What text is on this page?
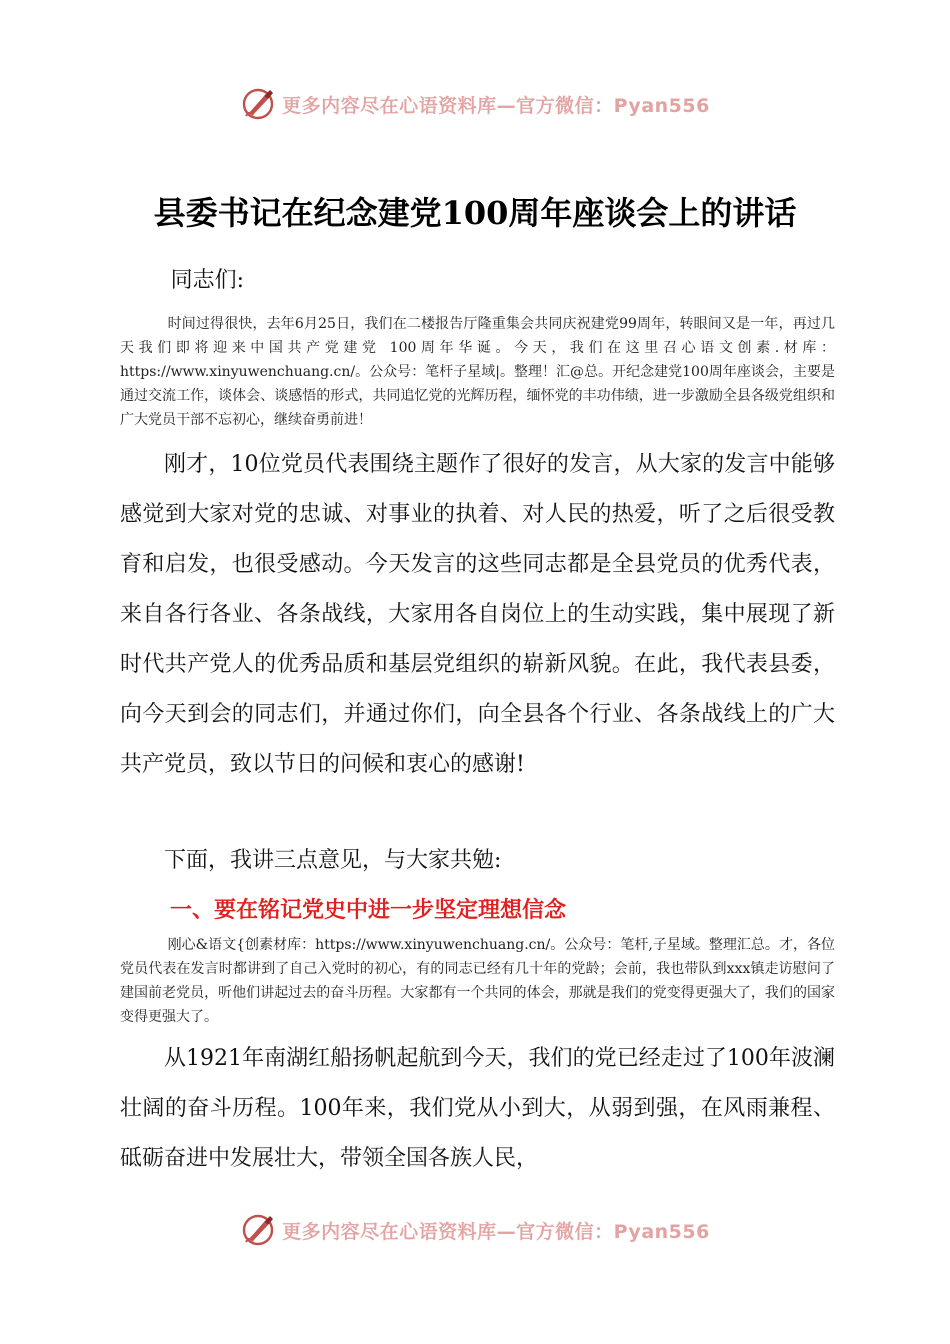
更多内容尽在心语资料库—官方微信：Pyan556
县委书记在纪念建党100周年座谈会上的讲话
同志们:
时间过得很快，去年6月25日，我们在二楼报告厅隆重集会共同庆祝建党99周年，转眼间又是一年，再过几天我们即将迎来中国共产党建党 100周年华诞。今天，我们在这里召心语文创素.材库：https://www.xinyuwenchuang.cn/。公众号：笔杆子星域|。整理！汇@总。开纪念建党100周年座谈会，主要是通过交流工作，谈体会、谈感悟的形式，共同追忆党的光辉历程，缅怀党的丰功伟绩，进一步激励全县各级党组织和广大党员干部不忘初心，继续奋勇前进！
刚才，10位党员代表围绕主题作了很好的发言，从大家的发言中能够感觉到大家对党的忠诚、对事业的执着、对人民的热爱，听了之后很受教育和启发，也很受感动。今天发言的这些同志都是全县党员的优秀代表，来自各行各业、各条战线，大家用各自岗位上的生动实践，集中展现了新时代共产党人的优秀品质和基层党组织的崭新风貌。在此，我代表县委，向今天到会的同志们，并通过你们，向全县各个行业、各条战线上的广大共产党员，致以节日的问候和衷心的感谢!
下面，我讲三点意见，与大家共勉:
一、要在铭记党史中进一步坚定理想信念
刚心&语文{创素材库：https://www.xinyuwenchuang.cn/。公众号：笔杆,子星域。整理汇总。才，各位党员代表在发言时都讲到了自己入党时的初心，有的同志已经有几十年的党龄；会前，我也带队到xxx镇走访慰问了建国前老党员，听他们讲起过去的奋斗历程。大家都有一个共同的体会，那就是我们的党变得更强大了，我们的国家变得更强大了。
从1921年南湖红船扬帆起航到今天，我们的党已经走过了100年波澜壮阔的奋斗历程。100年来，我们党从小到大，从弱到强，在风雨兼程、砥砺奋进中发展壮大，带领全国各族人民，
更多内容尽在心语资料库—官方微信：Pyan556
